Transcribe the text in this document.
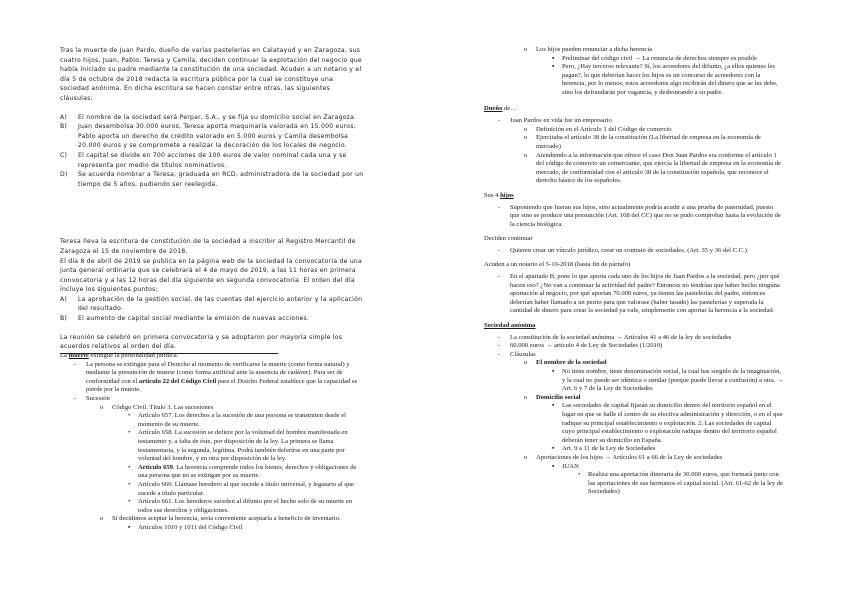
Tras la muerte de Juan Pardo, dueño de varias pastelerías en Calatayud y en Zaragoza, sus cuatro hijos, Juan, Pablo, Teresa y Camila, deciden continuar la explotación del negocio que había iniciado su padre mediante la constitución de una sociedad. Acuden a un notario y el día 5 de octubre de 2018 redacta la escritura pública por la cual se constituye una sociedad anónima. En dicha escritura se hacen constar entre otras, las siguientes cláusulas:

A)	El nombre de la sociedad será Perpar, S.A., y se fija su domicilio social en Zaragoza.
B)	Juan desembolsa 30.000 euros, Teresa aporta maquinaria valorada en 15.000 euros, Pablo aporta un derecho de crédito valorado en 5.000 euros y Camila desembolsa 20.000 euros y se compromete a realizar la decoración de los locales de negocio.
C)	El capital se divide en 700 acciones de 100 euros de valor nominal cada una y se representa por medio de títulos nominativos.
D)	Se acuerda nombrar a Teresa, graduada en RCD, administradora de la sociedad por un tiempo de 5 años, pudiendo ser reelegida.

Teresa lleva la escritura de constitución de la sociedad a inscribir al Registro Mercantil de Zaragoza el 15 de noviembre de 2018.

El día 8 de abril de 2019 se publica en la página web de la sociedad la convocatoria de una junta general ordinaria que se celebrará el 4 de mayo de 2019, a las 11 horas en primera convocatoria y a las 12 horas del día siguiente en segunda convocatoria. El orden del día incluye los siguientes puntos:

A)	La aprobación de la gestión social, de las cuentas del ejercicio anterior y la aplicación del resultado.
B)	El aumento de capital social mediante la emisión de nuevas acciones.

La reunión se celebró en primera convocatoria y se adoptaron por mayoría simple los acuerdos relativos al orden del día.

La muerte extingue la personalidad jurídica.
- La persona se extingue para el Derecho al momento de verificarse la muerte (como forma natural) y mediante la presunción de muerte (como forma artificial ante la ausencia de cadáver). Para ser de conformidad con el artículo 22 del Código Civil para el Distrito Federal establece que la capacidad se pierde por la muerte.
- Sucesión
o Código Civil. Título 3. Las sucesiones
• Artículo 657. Los derechos a la sucesión de una persona se transmiten desde el momento de su muerte.
• Artículo 658. La sucesión se defiere por la voluntad del hombre manifestada en testamento y, a falta de éste, por disposición de la ley. La primera se llama testamentaria, y la segunda, legítima. Podrá también deferirse en una parte por voluntad del hombre, y en otra por disposición de la ley.
• Artículo 659. La herencia comprende todos los bienes, derechos y obligaciones de una persona que no se extingan por su muerte.
• Artículo 660. Llámase heredero al que sucede a título universal, y legatario al que sucede a título particular.
• Artículo 661. Los herederos suceden al difunto por el hecho solo de su muerte en todos sus derechos y obligaciones.
o Si decidimos aceptar la herencia, sería conveniente aceptarla a beneficio de inventario.
▪ Artículos 1010 y 1011 del Código Civil
o Los hijos pueden renunciar a dicha herencia
▪ Preliminar del código civil → La renuncia de derechos siempre es posible
▪ Pero, ¿Hay terceros relevante? Sí, los acreedores del difunto, ¿a ellos quienes les pagan?, lo que deberían hacer los hijos es un concurso de acreedores con la herencia, por lo menos, estos acreedores algo recibirán del dinero que se les debe, sino los defraudarán por vagancia, y deshonrando a su padre.
Dueño de…
- Juan Pardos en vida fue un empresario
o Definición en el Artículo 1 del Código de comercio
o Ejercitaba el artículo 38 de la constitución (La libertad de empresa en la economía de mercado)
o Atendiendo a la información que ofrece el caso Don Juan Pardos era conforme el artículo 1 del código de comercio un comerciante, que ejercía la libertad de empresa en la economía de mercado, de conformidad con el artículo 38 de la constitución española, que reconoce el derecho básico de los españoles.
Sus 4 hijos
- Suponiendo que fueran sus hijos, sino actualmente podría acudir a una prueba de paternidad, puesto que sino se produce una presunción (Art. 108 del CC) que no se pudo comprobar hasta la evolución de la ciencia biológica.
Deciden continuar
- Quieren crear un vínculo jurídico, crear un contrato de sociedades. (Art. 35 y 36 del C.C.)
Acuden a un notario el 5-10-2018 (hasta fin de párrafo)
- En el apartado B, pone lo que aporta cada uno de los hijos de Juan Pardos a la sociedad, pero ¿por qué hacen eso? ¿No van a continuar la actividad del padre? Entonces no tendrían que haber hecho ninguna aportación al negocio, por qué aportan 70.000 euros, ya tienen las pastelerías del padre, entonces deberían haber llamado a un perito para que valorase (haber tasado) las pastelerías y superada la cantidad de dinero para crear la sociedad ya vale, simplemente con aportar la herencia a la sociedad.
Sociedad anónima
- La constitución de la sociedad anónima → Artículos 41 a 46 de la ley de sociedades
- 60.000 euros → artículo 4 de Ley de Sociedades (1/2010)
- Cláusulas
o El nombre de la sociedad
▪ No tiene nombre, tiene denominación social, la cual has surgido de la imaginación, y la cual no puede ser idéntica o similar (porque puede llevar a confusión) a otra. → Art. 6 y 7 de la Ley de Sociedades
o Domicilio social
▪ Las sociedades de capital fijarán su domicilio dentro del territorio español en el lugar en que se halle el centro de su efectiva administración y dirección, o en el que radique su principal establecimiento o explotación. 2. Las sociedades de capital cuyo principal establecimiento o explotación radique dentro del territorio español deberán tener su domicilio en España.
▪ Art. 9 a 11 de la Ley de Sociedades
o Aportaciones de los hijos → Artículos 61 a 66 de la Ley de sociedades
▪ JUAN
• Realiza una aportación dineraria de 30.000 euros, que formará junto con las aportaciones de sus hermanos el capital social. (Art. 61-62 de la ley de Sociedades)
